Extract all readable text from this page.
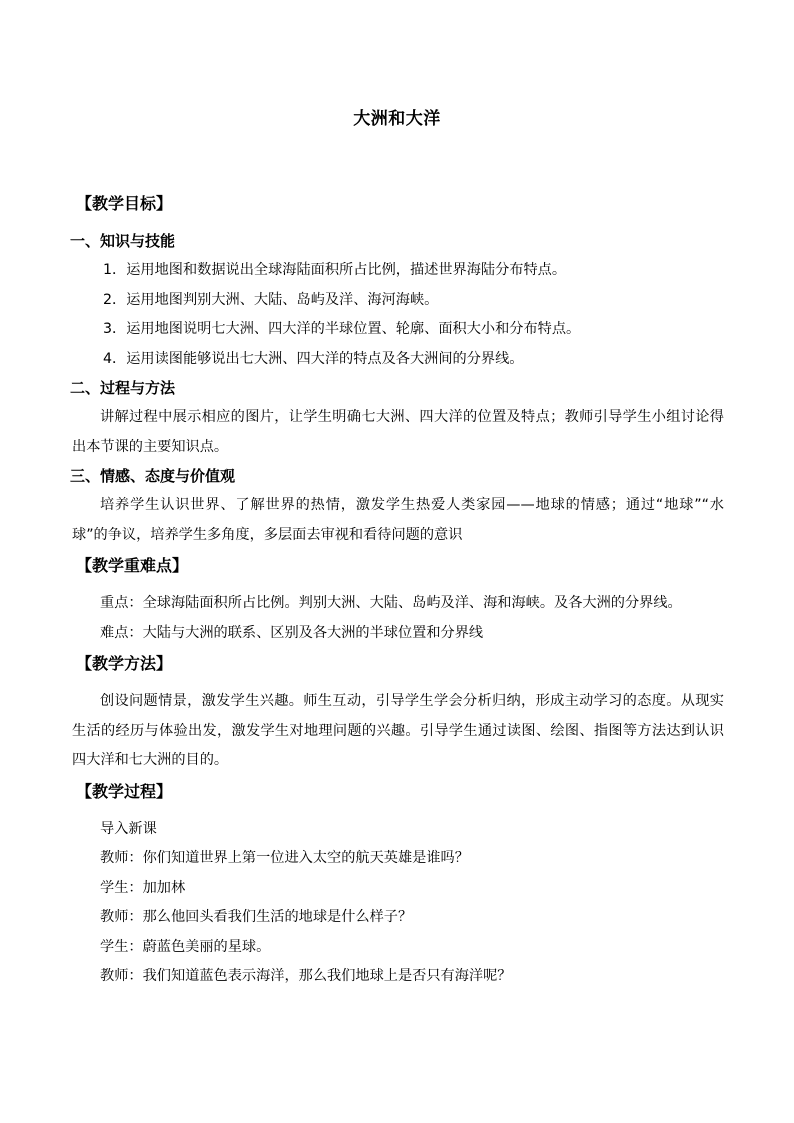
大洲和大洋
【教学目标】
一、知识与技能
1．运用地图和数据说出全球海陆面积所占比例，描述世界海陆分布特点。
2．运用地图判别大洲、大陆、岛屿及洋、海河海峡。
3．运用地图说明七大洲、四大洋的半球位置、轮廓、面积大小和分布特点。
4．运用读图能够说出七大洲、四大洋的特点及各大洲间的分界线。
二、过程与方法
讲解过程中展示相应的图片，让学生明确七大洲、四大洋的位置及特点；教师引导学生小组讨论得出本节课的主要知识点。
三、情感、态度与价值观
培养学生认识世界、了解世界的热情，激发学生热爱人类家园——地球的情感；通过“地球”“水球”的争议，培养学生多角度，多层面去审视和看待问题的意识
【教学重难点】
重点：全球海陆面积所占比例。判别大洲、大陆、岛屿及洋、海和海峡。及各大洲的分界线。
难点：大陆与大洲的联系、区别及各大洲的半球位置和分界线
【教学方法】
创设问题情景，激发学生兴趣。师生互动，引导学生学会分析归纳，形成主动学习的态度。从现实生活的经历与体验出发，激发学生对地理问题的兴趣。引导学生通过读图、绘图、指图等方法达到认识四大洋和七大洲的目的。
【教学过程】
导入新课
教师：你们知道世界上第一位进入太空的航天英雄是谁吗？
学生：加加林
教师：那么他回头看我们生活的地球是什么样子？
学生：蔚蓝色美丽的星球。
教师：我们知道蓝色表示海洋，那么我们地球上是否只有海洋呢？
